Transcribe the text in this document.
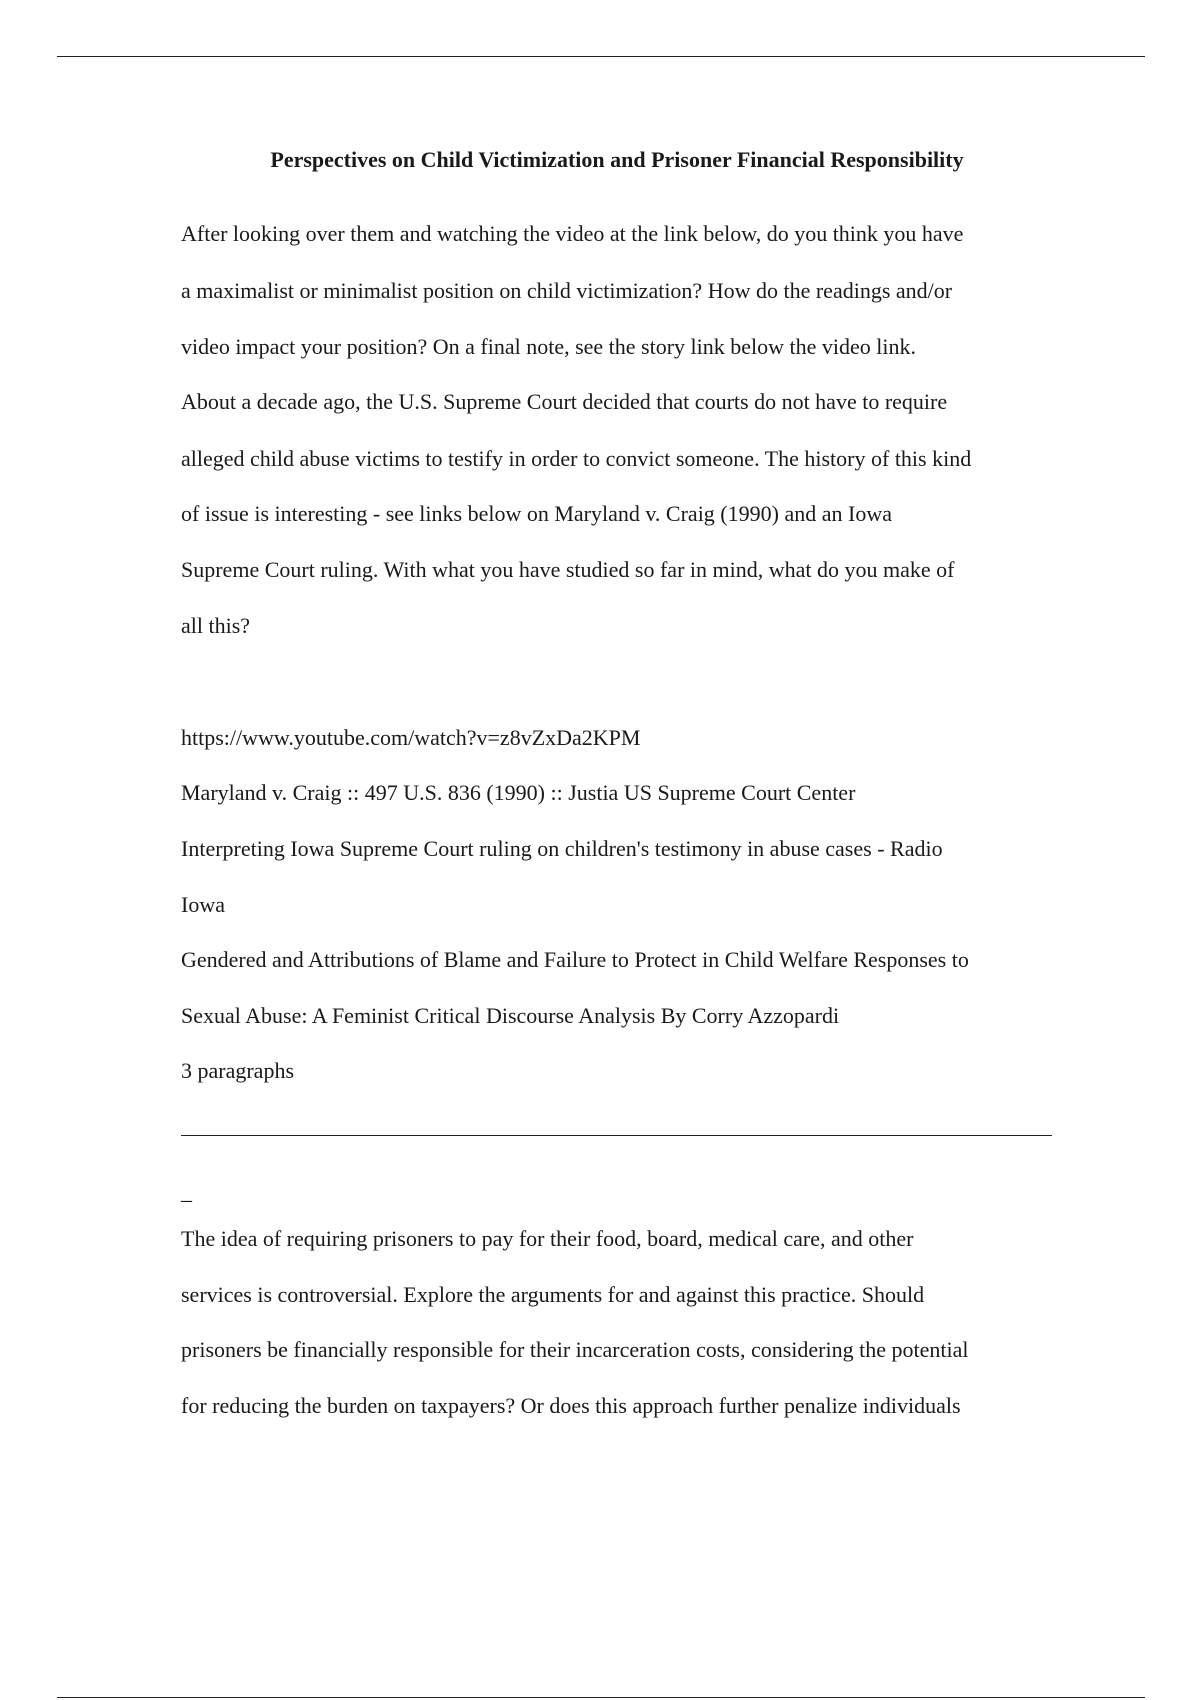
Perspectives on Child Victimization and Prisoner Financial Responsibility

After looking over them and watching the video at the link below, do you think you have

a maximalist or minimalist position on child victimization? How do the readings and/or

video impact your position? On a final note, see the story link below the video link.

About a decade ago, the U.S. Supreme Court decided that courts do not have to require

alleged child abuse victims to testify in order to convict someone. The history of this kind

of issue is interesting - see links below on Maryland v. Craig (1990) and an Iowa

Supreme Court ruling. With what you have studied so far in mind, what do you make of

all this?

https://www.youtube.com/watch?v=z8vZxDa2KPM

Maryland v. Craig :: 497 U.S. 836 (1990) :: Justia US Supreme Court Center

Interpreting Iowa Supreme Court ruling on children's testimony in abuse cases - Radio

Iowa

Gendered and Attributions of Blame and Failure to Protect in Child Welfare Responses to

Sexual Abuse: A Feminist Critical Discourse Analysis By Corry Azzopardi

3 paragraphs

_

The idea of requiring prisoners to pay for their food, board, medical care, and other

services is controversial. Explore the arguments for and against this practice. Should

prisoners be financially responsible for their incarceration costs, considering the potential

for reducing the burden on taxpayers? Or does this approach further penalize individuals
